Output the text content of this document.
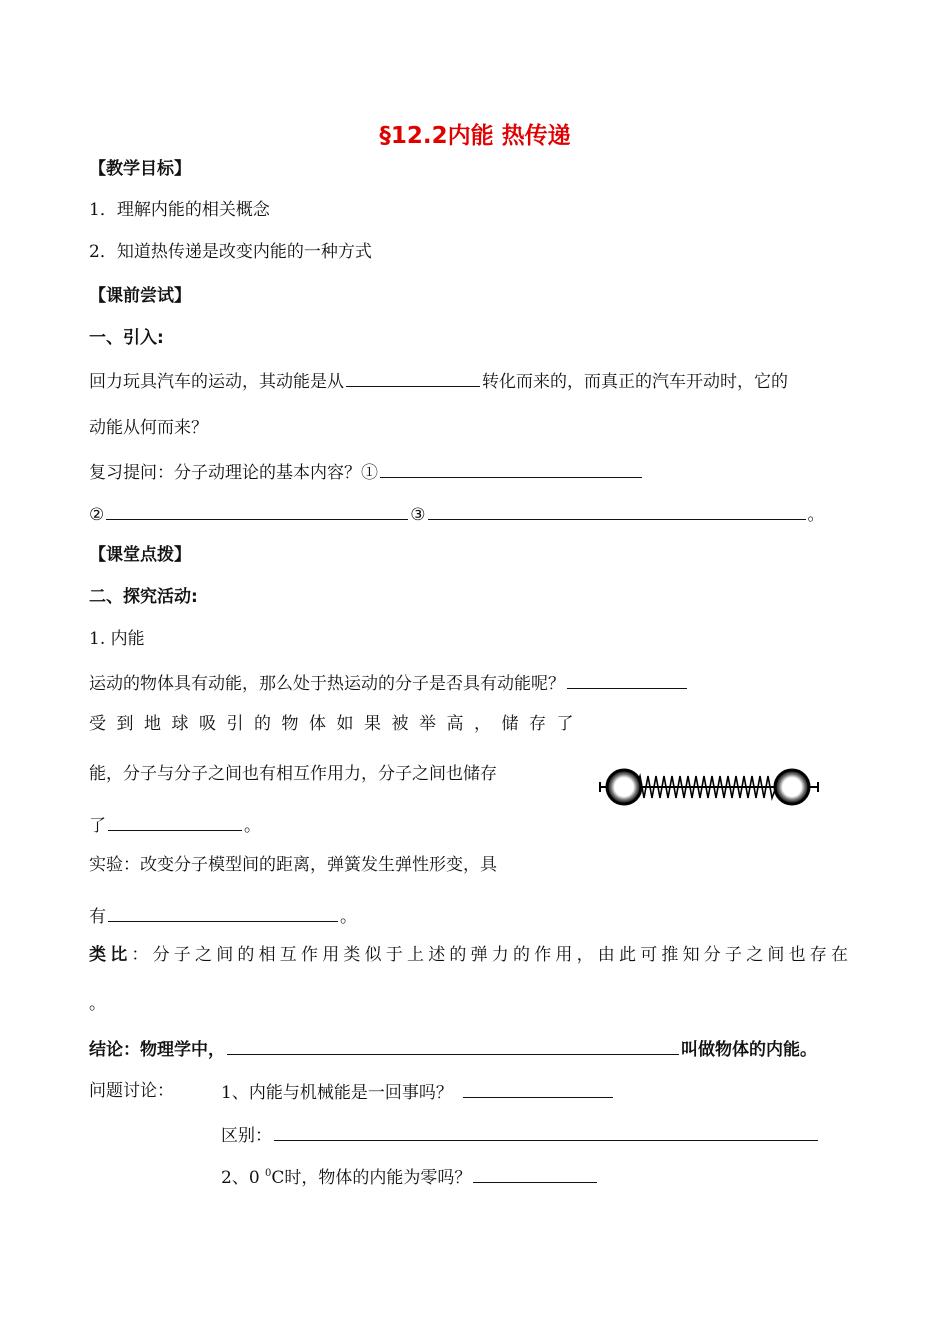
§12.2内能 热传递
【教学目标】
1．理解内能的相关概念
2．知道热传递是改变内能的一种方式
【课前尝试】
一、引入:
回力玩具汽车的运动，其动能是从	转化而来的，而真正的汽车开动时，它的
动能从何而来？
复习提问：分子动理论的基本内容？①
②	③	。
【课堂点拨】
二、探究活动:
1. 内能
运动的物体具有动能，那么处于热运动的分子是否具有动能呢？
受到地球吸引的物体如果被举高，储存了
能，分子与分子之间也有相互作用力，分子之间也储存
了	。
实验：改变分子模型间的距离，弹簧发生弹性形变，具
有	。
类比：分子之间的相互作用类似于上述的弹力的作用，由此可推知分子之间也存在
。
结论：物理学中，	叫做物体的内能。
问题讨论：	1、内能与机械能是一回事吗？
区别：
2、0 $^0$C时，物体的内能为零吗？
